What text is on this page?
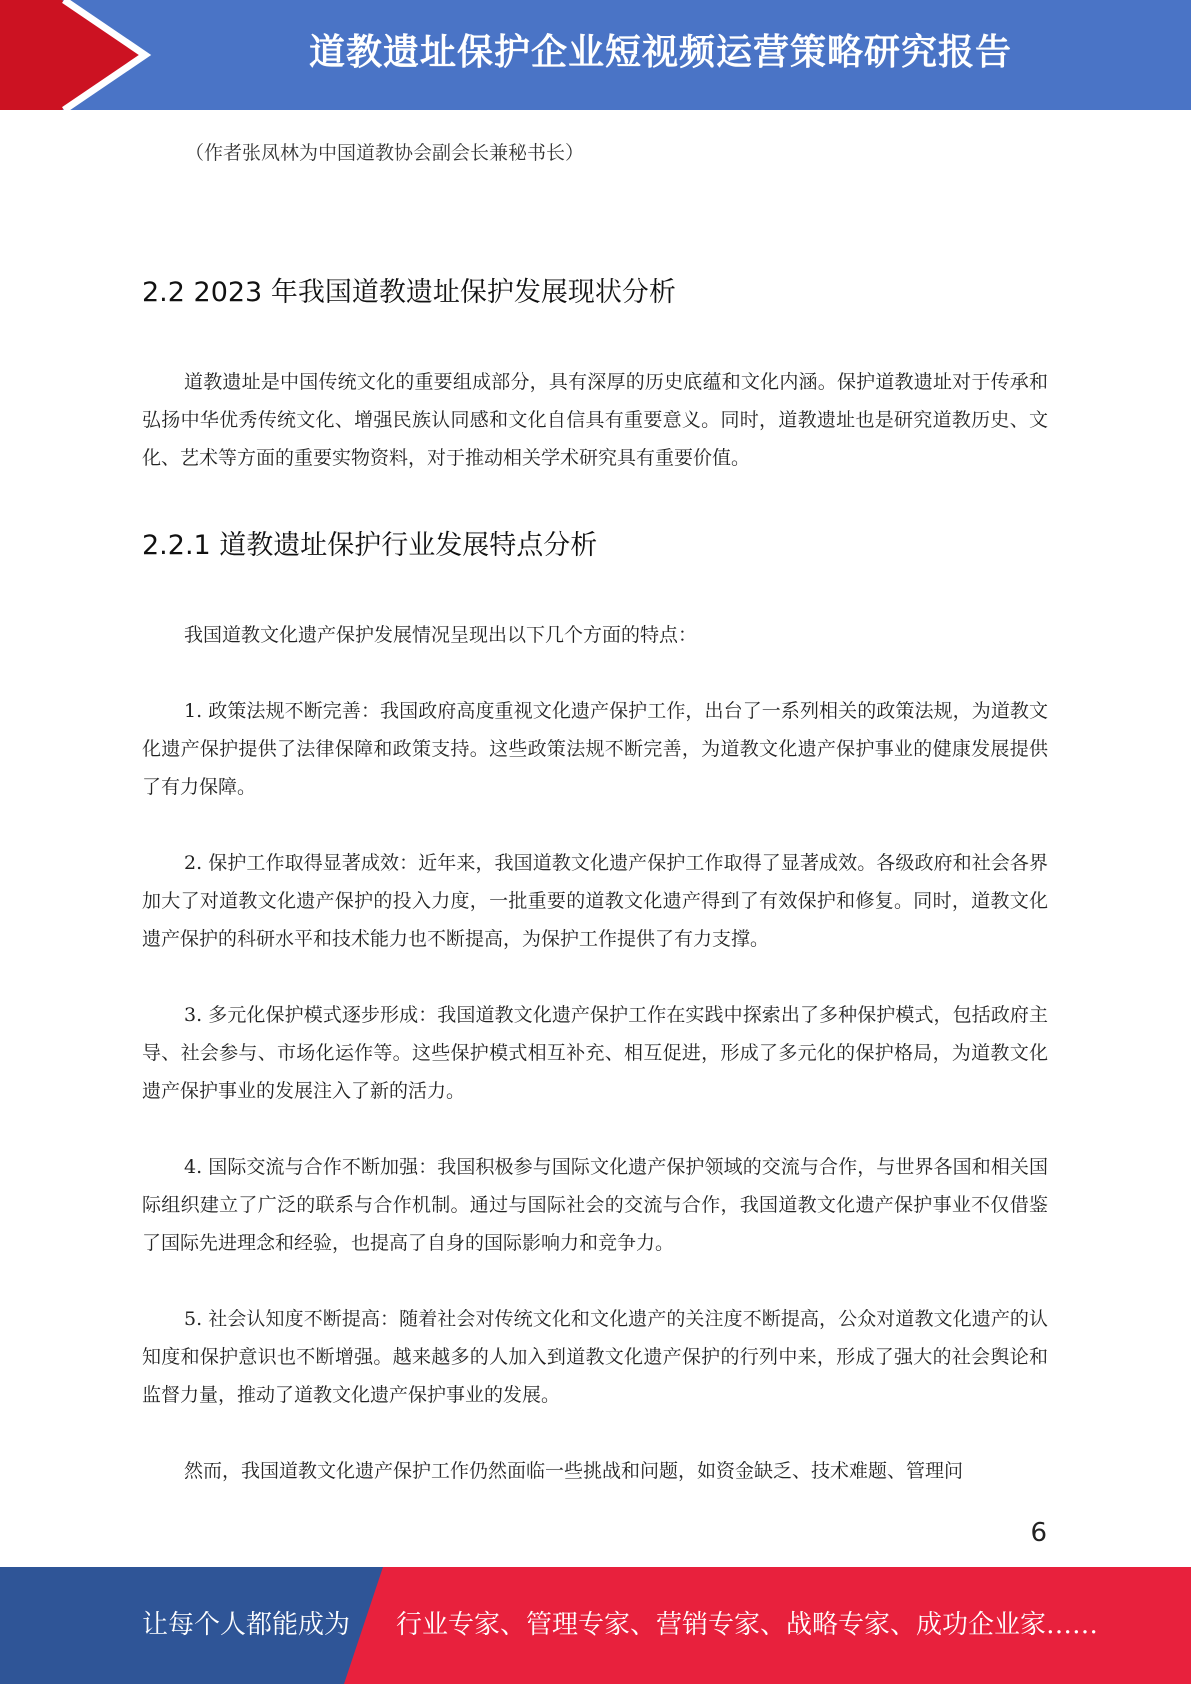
道教遗址保护企业短视频运营策略研究报告
（作者张凤林为中国道教协会副会长兼秘书长）
2.2 2023 年我国道教遗址保护发展现状分析

道教遗址是中国传统文化的重要组成部分，具有深厚的历史底蕴和文化内涵。保护道教遗址对于传承和弘扬中华优秀传统文化、增强民族认同感和文化自信具有重要意义。同时，道教遗址也是研究道教历史、文化、艺术等方面的重要实物资料，对于推动相关学术研究具有重要价值。

2.2.1 道教遗址保护行业发展特点分析

我国道教文化遗产保护发展情况呈现出以下几个方面的特点：

1. 政策法规不断完善：我国政府高度重视文化遗产保护工作，出台了一系列相关的政策法规，为道教文化遗产保护提供了法律保障和政策支持。这些政策法规不断完善，为道教文化遗产保护事业的健康发展提供了有力保障。

2. 保护工作取得显著成效：近年来，我国道教文化遗产保护工作取得了显著成效。各级政府和社会各界加大了对道教文化遗产保护的投入力度，一批重要的道教文化遗产得到了有效保护和修复。同时，道教文化遗产保护的科研水平和技术能力也不断提高，为保护工作提供了有力支撑。

3. 多元化保护模式逐步形成：我国道教文化遗产保护工作在实践中探索出了多种保护模式，包括政府主导、社会参与、市场化运作等。这些保护模式相互补充、相互促进，形成了多元化的保护格局，为道教文化遗产保护事业的发展注入了新的活力。

4. 国际交流与合作不断加强：我国积极参与国际文化遗产保护领域的交流与合作，与世界各国和相关国际组织建立了广泛的联系与合作机制。通过与国际社会的交流与合作，我国道教文化遗产保护事业不仅借鉴了国际先进理念和经验，也提高了自身的国际影响力和竞争力。

5. 社会认知度不断提高：随着社会对传统文化和文化遗产的关注度不断提高，公众对道教文化遗产的认知度和保护意识也不断增强。越来越多的人加入到道教文化遗产保护的行列中来，形成了强大的社会舆论和监督力量，推动了道教文化遗产保护事业的发展。

然而，我国道教文化遗产保护工作仍然面临一些挑战和问题，如资金缺乏、技术难题、管理问

6
让每个人都能成为 行业专家、管理专家、营销专家、战略专家、成功企业家……
